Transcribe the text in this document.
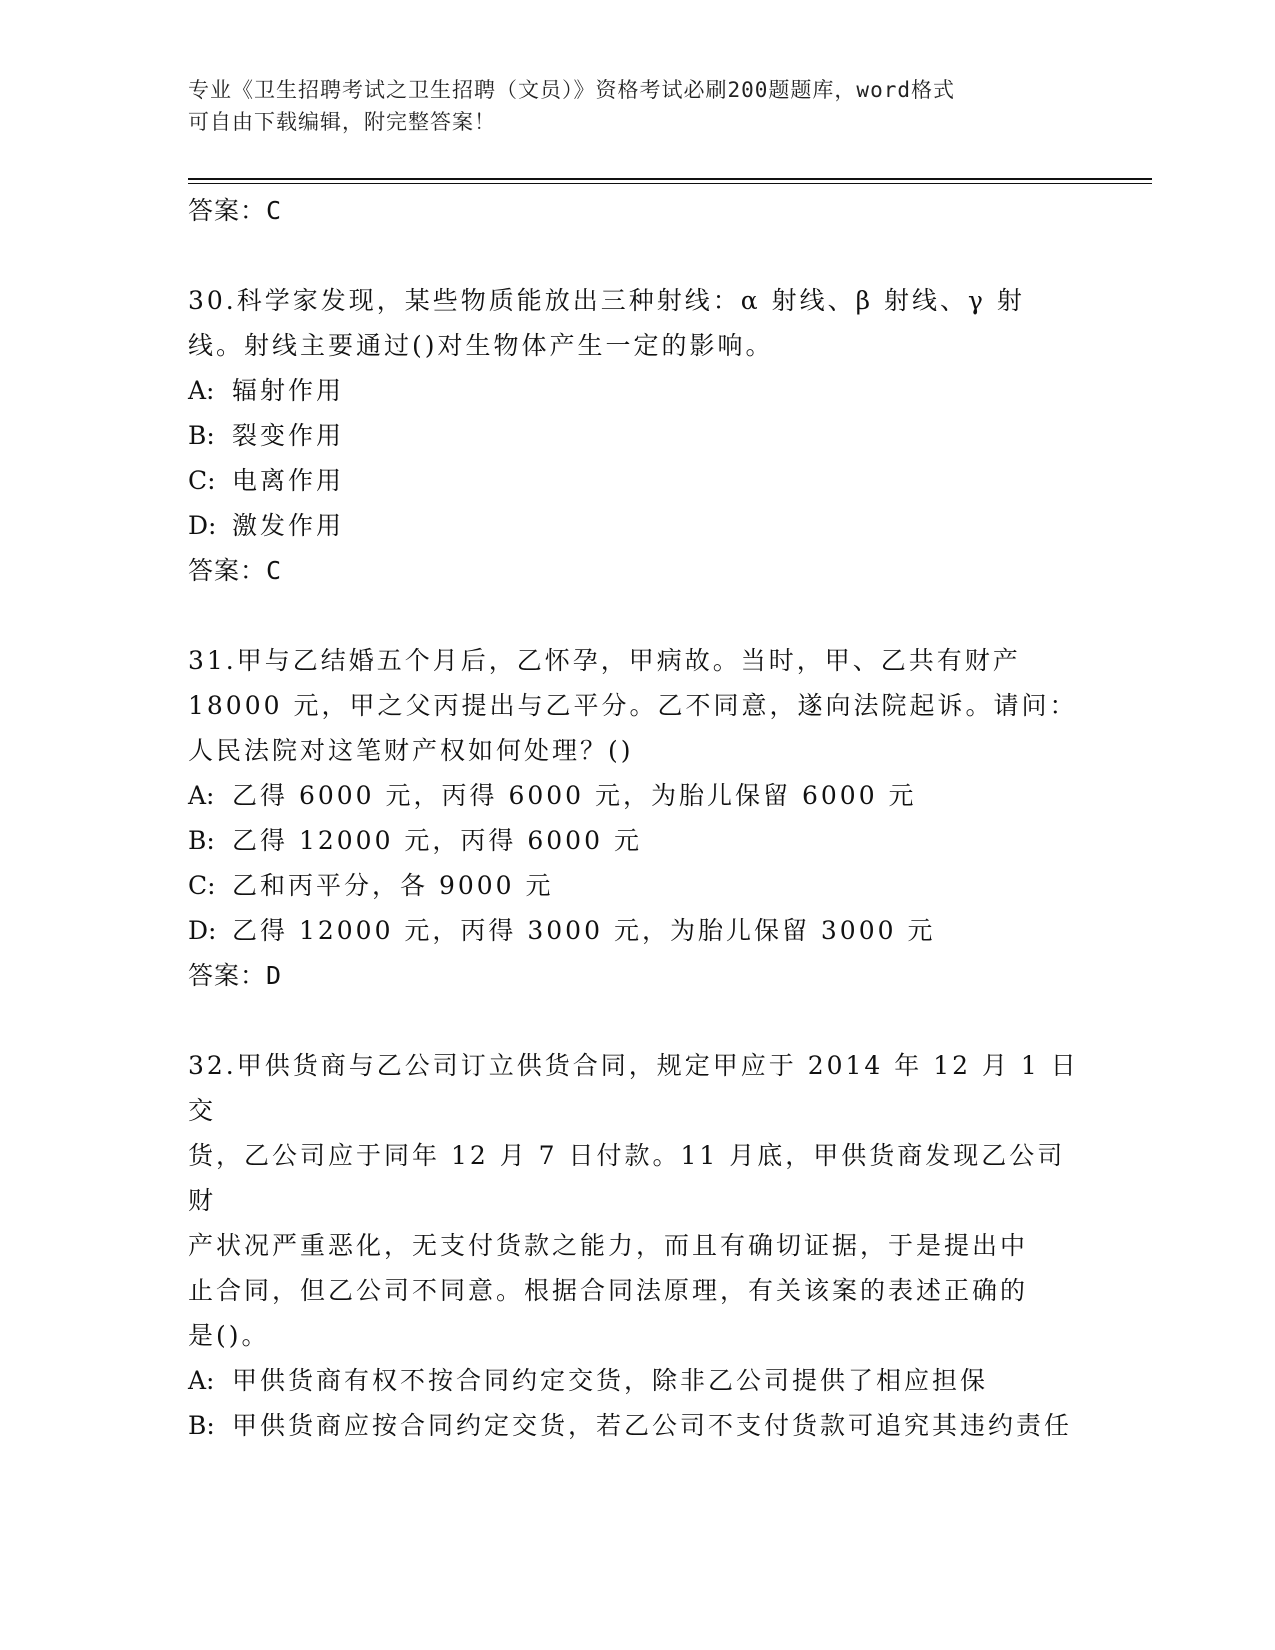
专业《卫生招聘考试之卫生招聘（文员）》资格考试必刷200题题库，word格式
可自由下载编辑，附完整答案！

答案：C

30.科学家发现，某些物质能放出三种射线：α 射线、β 射线、γ 射

线。射线主要通过()对生物体产生一定的影响。

A: 辐射作用

B: 裂变作用

C: 电离作用

D: 激发作用

答案：C

31.甲与乙结婚五个月后，乙怀孕，甲病故。当时，甲、乙共有财产

18000 元，甲之父丙提出与乙平分。乙不同意，遂向法院起诉。请问：

人民法院对这笔财产权如何处理？()

A: 乙得 6000 元，丙得 6000 元，为胎儿保留 6000 元

B: 乙得 12000 元，丙得 6000 元

C: 乙和丙平分，各 9000 元

D: 乙得 12000 元，丙得 3000 元，为胎儿保留 3000 元

答案：D

32.甲供货商与乙公司订立供货合同，规定甲应于 2014 年 12 月 1 日交

货，乙公司应于同年 12 月 7 日付款。11 月底，甲供货商发现乙公司财

产状况严重恶化，无支付货款之能力，而且有确切证据，于是提出中

止合同，但乙公司不同意。根据合同法原理，有关该案的表述正确的

是()。

A: 甲供货商有权不按合同约定交货，除非乙公司提供了相应担保

B: 甲供货商应按合同约定交货，若乙公司不支付货款可追究其违约责任
